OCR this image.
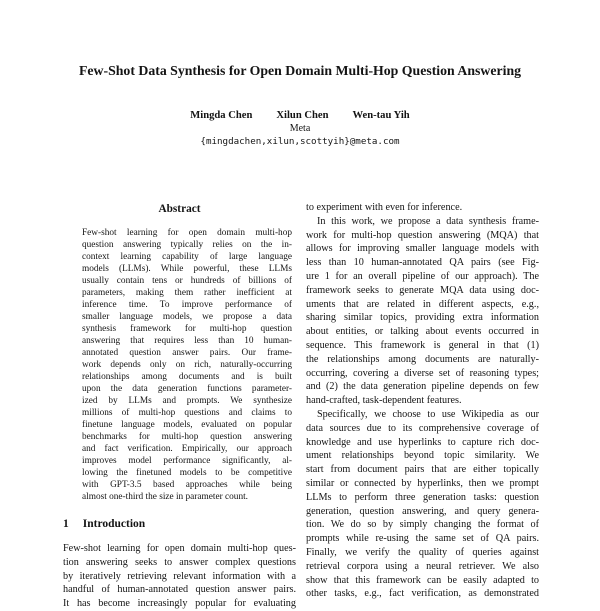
Few-Shot Data Synthesis for Open Domain Multi-Hop Question Answering
Mingda Chen Xilun Chen Wen-tau Yih
Meta
{mingdachen,xilun,scottyih}@meta.com
Abstract
Few-shot learning for open domain multi-hop
question answering typically relies on the in-
context learning capability of large language
models (LLMs). While powerful, these LLMs
usually contain tens or hundreds of billions of
parameters, making them rather inefficient at
inference time. To improve performance of
smaller language models, we propose a data
synthesis framework for multi-hop question
answering that requires less than 10 human-
annotated question answer pairs. Our frame-
work depends only on rich, naturally-occurring
relationships among documents and is built
upon the data generation functions parameter-
ized by LLMs and prompts. We synthesize
millions of multi-hop questions and claims to
finetune language models, evaluated on popular
benchmarks for multi-hop question answering
and fact verification. Empirically, our approach
improves model performance significantly, al-
lowing the finetuned models to be competitive
with GPT-3.5 based approaches while being
almost one-third the size in parameter count.
1 Introduction
Few-shot learning for open domain multi-hop ques-
tion answering seeks to answer complex questions
by iteratively retrieving relevant information with a
handful of human-annotated question answer pairs.
It has become increasingly popular for evaluating
to experiment with even for inference.
In this work, we propose a data synthesis frame-
work for multi-hop question answering (MQA) that
allows for improving smaller language models with
less than 10 human-annotated QA pairs (see Fig-
ure 1 for an overall pipeline of our approach). The
framework seeks to generate MQA data using doc-
uments that are related in different aspects, e.g.,
sharing similar topics, providing extra information
about entities, or talking about events occurred in
sequence. This framework is general in that (1)
the relationships among documents are naturally-
occurring, covering a diverse set of reasoning types;
and (2) the data generation pipeline depends on few
hand-crafted, task-dependent features.
Specifically, we choose to use Wikipedia as our
data sources due to its comprehensive coverage of
knowledge and use hyperlinks to capture rich doc-
ument relationships beyond topic similarity. We
start from document pairs that are either topically
similar or connected by hyperlinks, then we prompt
LLMs to perform three generation tasks: question
generation, question answering, and query genera-
tion. We do so by simply changing the format of
prompts while re-using the same set of QA pairs.
Finally, we verify the quality of queries against
retrieval corpora using a neural retriever. We also
show that this framework can be easily adapted to
other tasks, e.g., fact verification, as demonstrated
